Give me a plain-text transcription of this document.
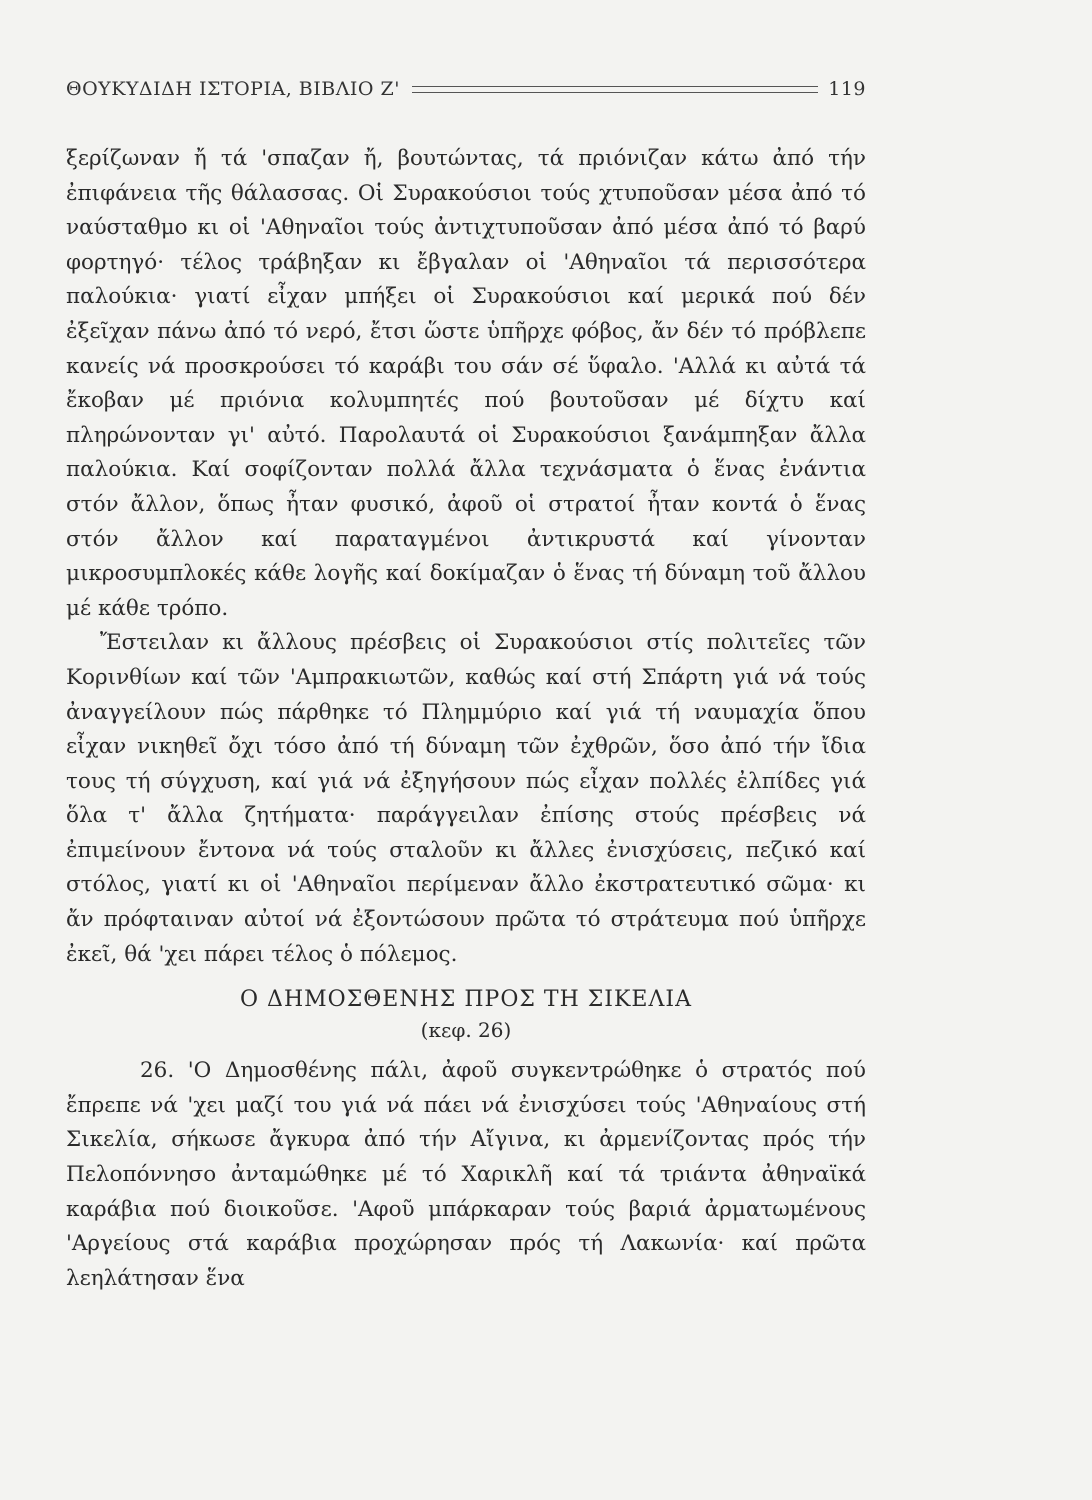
ΘΟΥΚΥΔΙΔΗ ΙΣΤΟΡΙΑ, ΒΙΒΛΙΟ Ζ'	119

ξερίζωναν ἤ τά 'σπαζαν ἤ, βουτώντας, τά πριόνιζαν κάτω ἀπό τήν ἐπιφάνεια τῆς θάλασσας. Οἱ Συρακούσιοι τούς χτυποῦσαν μέσα ἀπό τό ναύσταθμο κι οἱ 'Αθηναῖοι τούς ἀντιχτυποῦσαν ἀπό μέσα ἀπό τό βαρύ φορτηγό· τέλος τράβηξαν κι ἔβγαλαν οἱ 'Αθηναῖοι τά περισσότερα παλούκια· γιατί εἶχαν μπήξει οἱ Συρακούσιοι καί μερικά πού δέν ἐξεῖχαν πάνω ἀπό τό νερό, ἔτσι ὥστε ὑπῆρχε φόβος, ἄν δέν τό πρόβλεπε κανείς νά προσκρούσει τό καράβι του σάν σέ ὕφαλο. 'Αλλά κι αὐτά τά ἔκοβαν μέ πριόνια κολυμπητές πού βουτοῦσαν μέ δίχτυ καί πληρώνονταν γι' αὐτό. Παρολαυτά οἱ Συρακούσιοι ξανάμπηξαν ἄλλα παλούκια. Καί σοφίζονταν πολλά ἄλλα τεχνάσματα ὁ ἕνας ἐνάντια στόν ἄλλον, ὅπως ἦταν φυσικό, ἀφοῦ οἱ στρατοί ἦταν κοντά ὁ ἕνας στόν ἄλλον καί παραταγμένοι ἀντικρυστά καί γίνονταν μικροσυμπλοκές κάθε λογῆς καί δοκίμαζαν ὁ ἕνας τή δύναμη τοῦ ἄλλου μέ κάθε τρόπο.

Ἔστειλαν κι ἄλλους πρέσβεις οἱ Συρακούσιοι στίς πολιτεῖες τῶν Κορινθίων καί τῶν 'Αμπρακιωτῶν, καθώς καί στή Σπάρτη γιά νά τούς ἀναγγείλουν πώς πάρθηκε τό Πλημμύριο καί γιά τή ναυμαχία ὅπου εἶχαν νικηθεῖ ὄχι τόσο ἀπό τή δύναμη τῶν ἐχθρῶν, ὅσο ἀπό τήν ἴδια τους τή σύγχυση, καί γιά νά ἐξηγήσουν πώς εἶχαν πολλές ἐλπίδες γιά ὅλα τ' ἄλλα ζητήματα· παράγγειλαν ἐπίσης στούς πρέσβεις νά ἐπιμείνουν ἔντονα νά τούς σταλοῦν κι ἄλλες ἐνισχύσεις, πεζικό καί στόλος, γιατί κι οἱ 'Αθηναῖοι περίμεναν ἄλλο ἐκστρατευτικό σῶμα· κι ἄν πρόφταιναν αὐτοί νά ἐξοντώσουν πρῶτα τό στράτευμα πού ὑπῆρχε ἐκεῖ, θά 'χει πάρει τέλος ὁ πόλεμος.

Ο ΔΗΜΟΣΘΕΝΗΣ ΠΡΟΣ ΤΗ ΣΙΚΕΛΙΑ
(κεφ. 26)

26. 'Ο Δημοσθένης πάλι, ἀφοῦ συγκεντρώθηκε ὁ στρατός πού ἔπρεπε νά 'χει μαζί του γιά νά πάει νά ἐνισχύσει τούς 'Αθηναίους στή Σικελία, σήκωσε ἄγκυρα ἀπό τήν Αἴγινα, κι ἀρμενίζοντας πρός τήν Πελοπόννησο ἀνταμώθηκε μέ τό Χαρικλῆ καί τά τριάντα ἀθηναϊκά καράβια πού διοικοῦσε. 'Αφοῦ μπάρκαραν τούς βαριά ἀρματωμένους 'Αργείους στά καράβια προχώρησαν πρός τή Λακωνία· καί πρῶτα λεηλάτησαν ἕνα
